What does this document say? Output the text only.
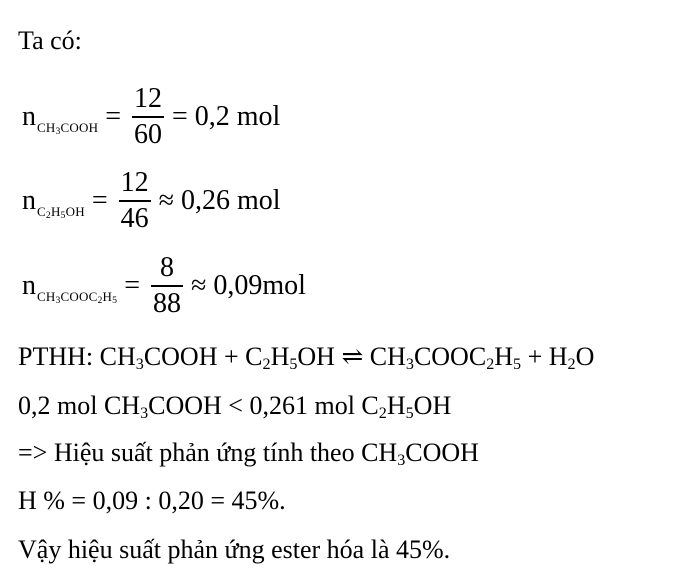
Ta có:
n $CH_3COOH = \frac{12}{60} = 0,2$ mol
n $C_2H_5OH = \frac{12}{46} \approx 0,26$ mol
n $CH_3COOC_2H_5 = \frac{8}{88} \approx 0,09mol$
PTHH: $CH_3COOH + C_2H_5OH$ ⇌ $CH_3COOC_2H_5 + H_2O$
0,2 mol $CH_3COOH < 0,261$ mol $C_2H_5OH$
=> Hiệu suất phản ứng tính theo $CH_3COOH$
H % = 0,09 : 0,20 = 45%.
Vậy hiệu suất phản ứng ester hóa là 45%.
